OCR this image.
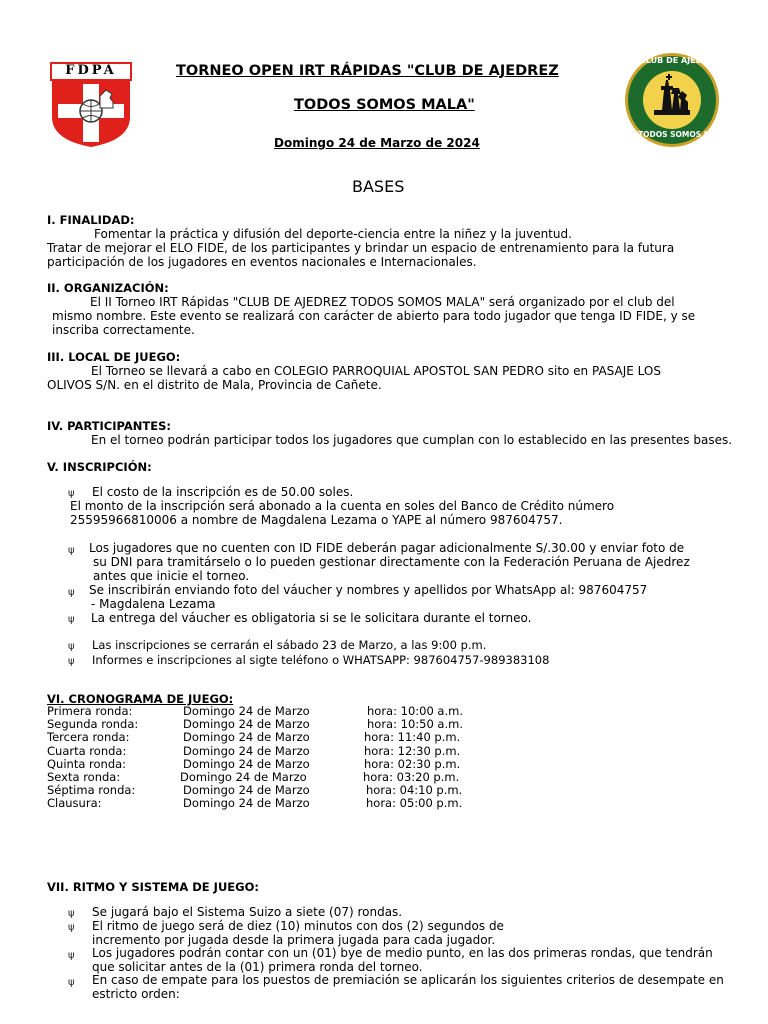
FDPA
CLUB DE AJEDREZ
TODOS SOMOS MALA
TORNEO OPEN IRT RÁPIDAS "CLUB DE AJEDREZ
TODOS SOMOS MALA"
Domingo 24 de Marzo de 2024
BASES
I. FINALIDAD:
Fomentar la práctica y difusión del deporte-ciencia entre la niñez y la juventud.
Tratar de mejorar el ELO FIDE, de los participantes y brindar un espacio de entrenamiento para la futura
participación de los jugadores en eventos nacionales e Internacionales.
II. ORGANIZACIÓN:
El II Torneo IRT Rápidas "CLUB DE AJEDREZ TODOS SOMOS MALA" será organizado por el club del
mismo nombre. Este evento se realizará con carácter de abierto para todo jugador que tenga ID FIDE, y se
inscriba correctamente.
III. LOCAL DE JUEGO:
El Torneo se llevará a cabo en COLEGIO PARROQUIAL APOSTOL SAN PEDRO sito en PASAJE LOS
OLIVOS S/N. en el distrito de Mala, Provincia de Cañete.
IV. PARTICIPANTES:
En el torneo podrán participar todos los jugadores que cumplan con lo establecido en las presentes bases.
V. INSCRIPCIÓN:
ψ El costo de la inscripción es de 50.00 soles.
El monto de la inscripción será abonado a la cuenta en soles del Banco de Crédito número
25595966810006 a nombre de Magdalena Lezama o YAPE al número 987604757.
ψ Los jugadores que no cuenten con ID FIDE deberán pagar adicionalmente S/.30.00 y enviar foto de
su DNI para tramitárselo o lo pueden gestionar directamente con la Federación Peruana de Ajedrez
antes que inicie el torneo.
ψ Se inscribirán enviando foto del váucher y nombres y apellidos por WhatsApp al: 987604757
- Magdalena Lezama
ψ La entrega del váucher es obligatoria si se le solicitara durante el torneo.
ψ Las inscripciones se cerrarán el sábado 23 de Marzo, a las 9:00 p.m.
ψ Informes e inscripciones al sigte teléfono o WHATSAPP: 987604757-989383108
VI. CRONOGRAMA DE JUEGO:
Primera ronda:	Domingo 24 de Marzo	hora: 10:00 a.m.
Segunda ronda:	Domingo 24 de Marzo	hora: 10:50 a.m.
Tercera ronda:	Domingo 24 de Marzo	hora: 11:40 p.m.
Cuarta ronda:	Domingo 24 de Marzo	hora: 12:30 p.m.
Quinta ronda:	Domingo 24 de Marzo	hora: 02:30 p.m.
Sexta ronda:	Domingo 24 de Marzo	hora: 03:20 p.m.
Séptima ronda:	Domingo 24 de Marzo	hora: 04:10 p.m.
Clausura:	Domingo 24 de Marzo	hora: 05:00 p.m.
VII. RITMO Y SISTEMA DE JUEGO:
ψ Se jugará bajo el Sistema Suizo a siete (07) rondas.
ψ El ritmo de juego será de diez (10) minutos con dos (2) segundos de
incremento por jugada desde la primera jugada para cada jugador.
ψ Los jugadores podrán contar con un (01) bye de medio punto, en las dos primeras rondas, que tendrán
que solicitar antes de la (01) primera ronda del torneo.
ψ En caso de empate para los puestos de premiación se aplicarán los siguientes criterios de desempate en
estricto orden:
